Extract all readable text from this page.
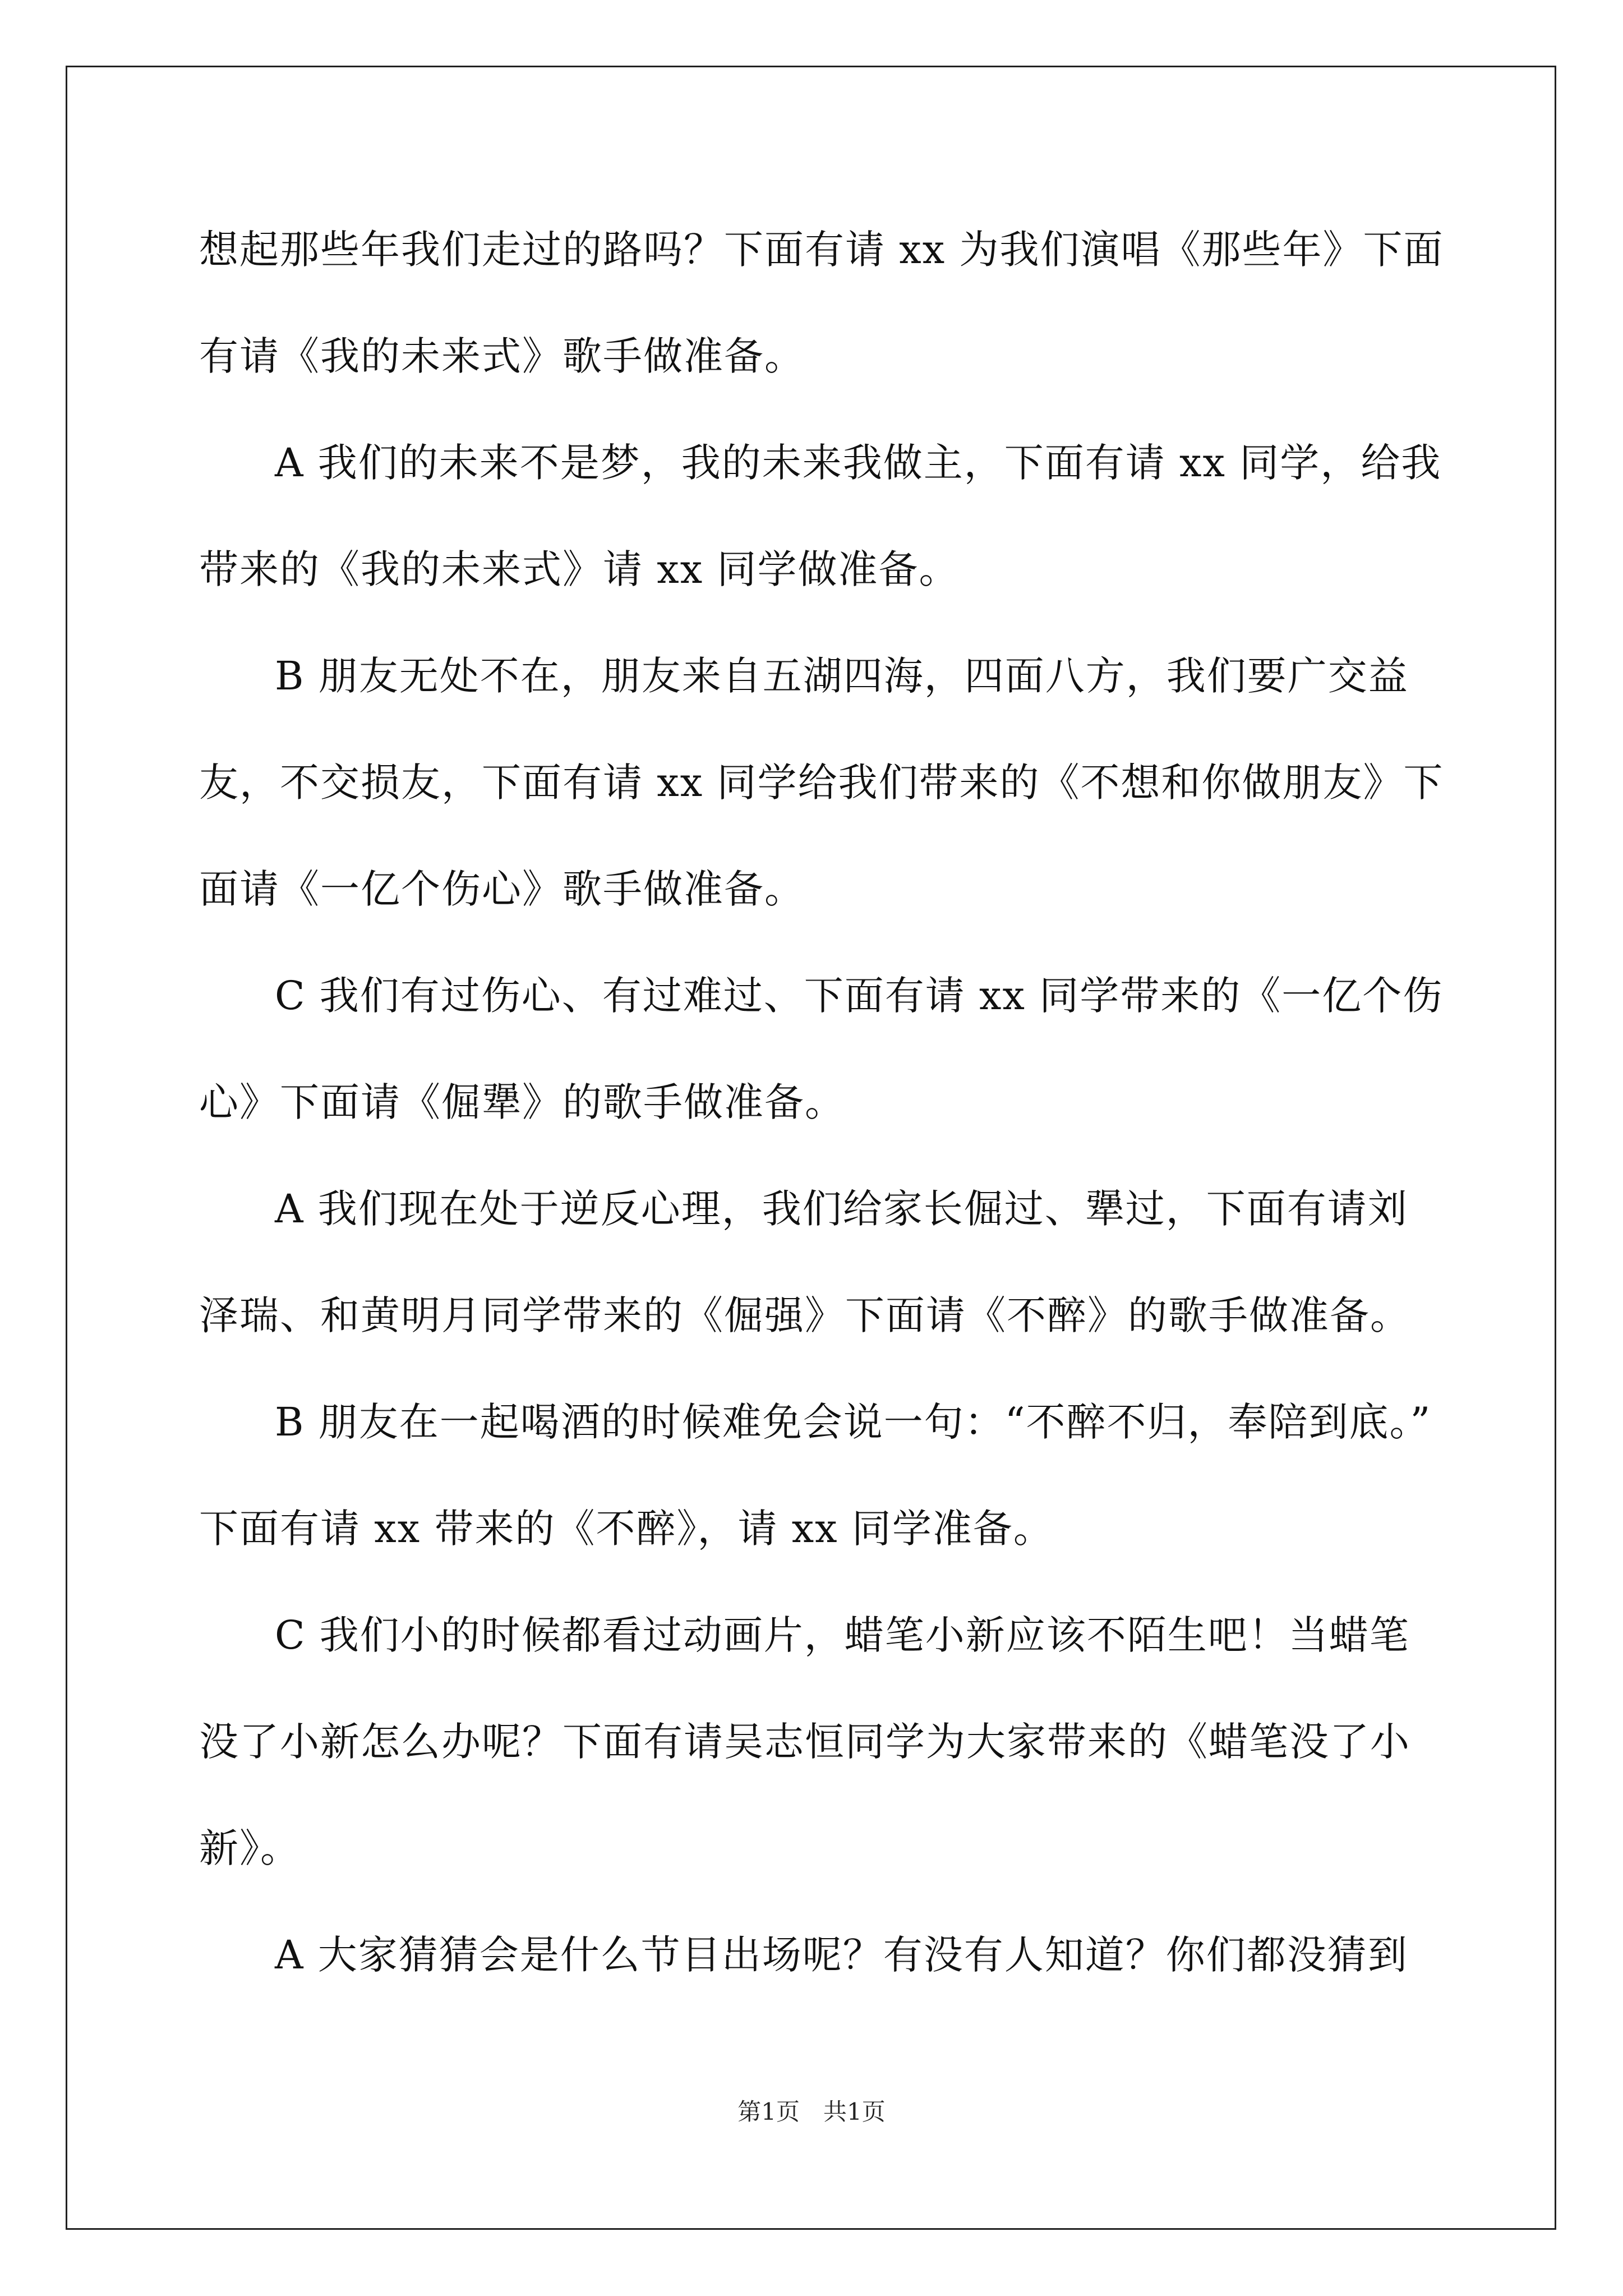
想起那些年我们走过的路吗？下面有请 xx 为我们演唱《那些年》下面
有请《我的未来式》歌手做准备。
A 我们的未来不是梦，我的未来我做主，下面有请 xx 同学，给我
带来的《我的未来式》请 xx 同学做准备。
B 朋友无处不在，朋友来自五湖四海，四面八方，我们要广交益
友，不交损友，下面有请 xx 同学给我们带来的《不想和你做朋友》下
面请《一亿个伤心》歌手做准备。
C 我们有过伤心、有过难过、下面有请 xx 同学带来的《一亿个伤
心》下面请《倔犟》的歌手做准备。
A 我们现在处于逆反心理，我们给家长倔过、犟过，下面有请刘
泽瑞、和黄明月同学带来的《倔强》下面请《不醉》的歌手做准备。
B 朋友在一起喝酒的时候难免会说一句：“不醉不归，奉陪到底。”
下面有请 xx 带来的《不醉》，请 xx 同学准备。
C 我们小的时候都看过动画片，蜡笔小新应该不陌生吧！当蜡笔
没了小新怎么办呢？下面有请吴志恒同学为大家带来的《蜡笔没了小
新》。
A 大家猜猜会是什么节目出场呢？有没有人知道？你们都没猜到
第1页　共1页
